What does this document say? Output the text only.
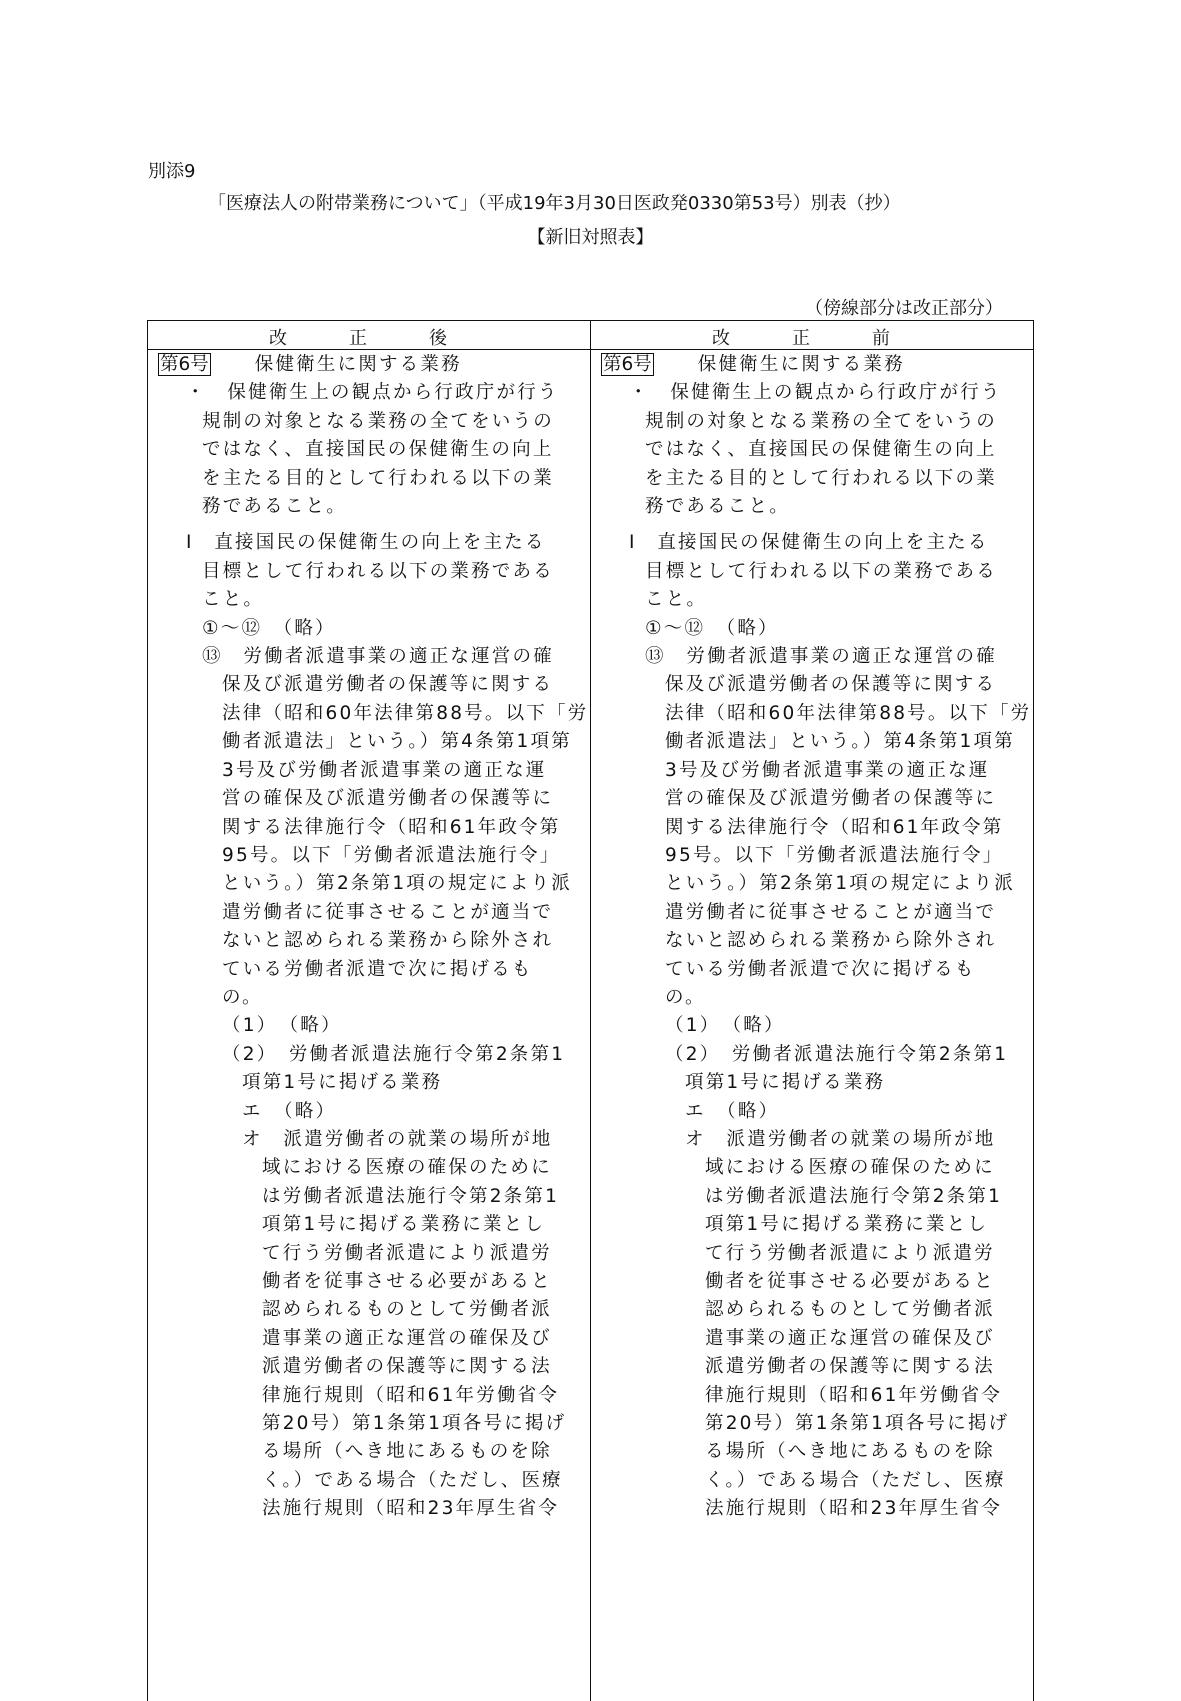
別添9
「医療法人の附帯業務について」（平成19年3月30日医政発0330第53号）別表（抄）
【新旧対照表】
（傍線部分は改正部分）
改　正　後	改　正　前
第6号 保健衛生に関する業務
・　保健衛生上の観点から行政庁が行う
規制の対象となる業務の全てをいうの
ではなく、直接国民の保健衛生の向上
を主たる目的として行われる以下の業
務であること。
Ⅰ　直接国民の保健衛生の向上を主たる
目標として行われる以下の業務である
こと。
①～⑫　（略）
⑬　労働者派遣事業の適正な運営の確
保及び派遣労働者の保護等に関する
法律（昭和60年法律第88号。以下「労
働者派遣法」という。）第4条第1項第
3号及び労働者派遣事業の適正な運
営の確保及び派遣労働者の保護等に
関する法律施行令（昭和61年政令第
95号。以下「労働者派遣法施行令」
という。）第2条第1項の規定により派
遣労働者に従事させることが適当で
ないと認められる業務から除外され
ている労働者派遣で次に掲げるも
の。
（1）　（略）
（2）　労働者派遣法施行令第2条第1
項第1号に掲げる業務
エ　（略）
オ　派遣労働者の就業の場所が地
域における医療の確保のために
は労働者派遣法施行令第2条第1
項第1号に掲げる業務に業とし
て行う労働者派遣により派遣労
働者を従事させる必要があると
認められるものとして労働者派
遣事業の適正な運営の確保及び
派遣労働者の保護等に関する法
律施行規則（昭和61年労働省令
第20号）第1条第1項各号に掲げ
る場所（へき地にあるものを除
く。）である場合（ただし、医療
法施行規則（昭和23年厚生省令
第6号 保健衛生に関する業務
・　保健衛生上の観点から行政庁が行う
規制の対象となる業務の全てをいうの
ではなく、直接国民の保健衛生の向上
を主たる目的として行われる以下の業
務であること。
Ⅰ　直接国民の保健衛生の向上を主たる
目標として行われる以下の業務である
こと。
①～⑫　（略）
⑬　労働者派遣事業の適正な運営の確
保及び派遣労働者の保護等に関する
法律（昭和60年法律第88号。以下「労
働者派遣法」という。）第4条第1項第
3号及び労働者派遣事業の適正な運
営の確保及び派遣労働者の保護等に
関する法律施行令（昭和61年政令第
95号。以下「労働者派遣法施行令」
という。）第2条第1項の規定により派
遣労働者に従事させることが適当で
ないと認められる業務から除外され
ている労働者派遣で次に掲げるも
の。
（1）　（略）
（2）　労働者派遣法施行令第2条第1
項第1号に掲げる業務
エ　（略）
オ　派遣労働者の就業の場所が地
域における医療の確保のために
は労働者派遣法施行令第2条第1
項第1号に掲げる業務に業とし
て行う労働者派遣により派遣労
働者を従事させる必要があると
認められるものとして労働者派
遣事業の適正な運営の確保及び
派遣労働者の保護等に関する法
律施行規則（昭和61年労働省令
第20号）第1条第1項各号に掲げ
る場所（へき地にあるものを除
く。）である場合（ただし、医療
法施行規則（昭和23年厚生省令
